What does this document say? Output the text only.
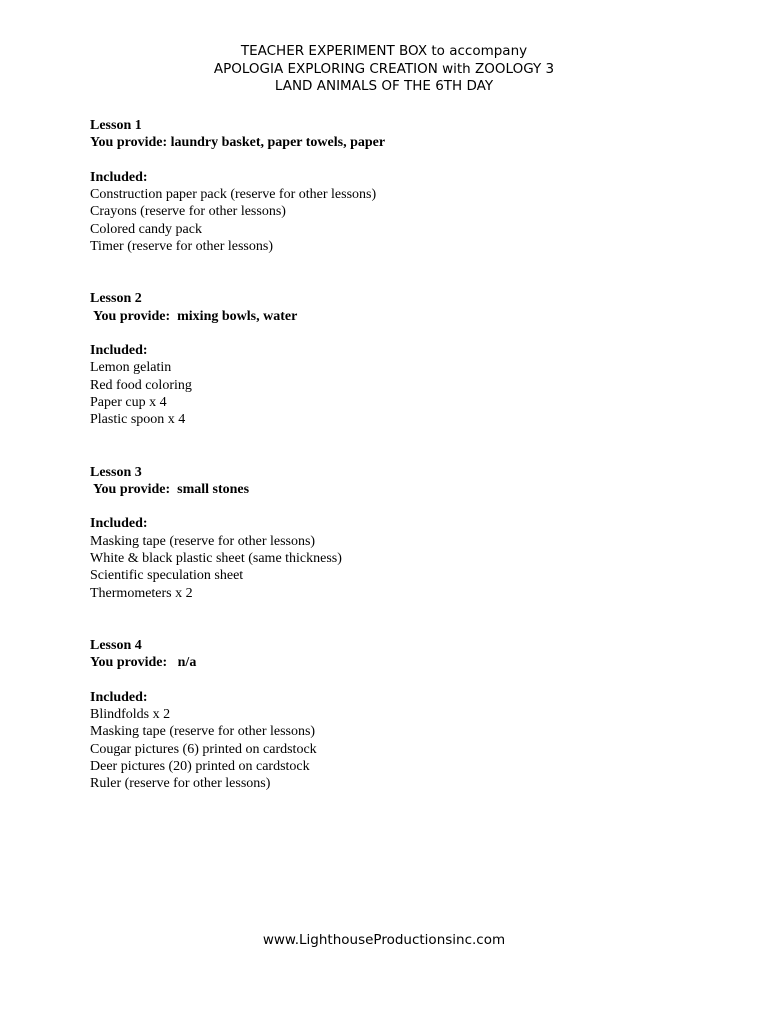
TEACHER EXPERIMENT BOX to accompany
APOLOGIA EXPLORING CREATION with ZOOLOGY 3
LAND ANIMALS OF THE 6TH DAY
Lesson 1
You provide: laundry basket, paper towels, paper
Included:
Construction paper pack (reserve for other lessons)
Crayons (reserve for other lessons)
Colored candy pack
Timer (reserve for other lessons)
Lesson 2
You provide:  mixing bowls, water
Included:
Lemon gelatin
Red food coloring
Paper cup x 4
Plastic spoon x 4
Lesson 3
You provide:  small stones
Included:
Masking tape (reserve for other lessons)
White & black plastic sheet (same thickness)
Scientific speculation sheet
Thermometers x 2
Lesson 4
You provide:   n/a
Included:
Blindfolds x 2
Masking tape (reserve for other lessons)
Cougar pictures (6) printed on cardstock
Deer pictures (20) printed on cardstock
Ruler (reserve for other lessons)
www.LighthouseProductionsinc.com
